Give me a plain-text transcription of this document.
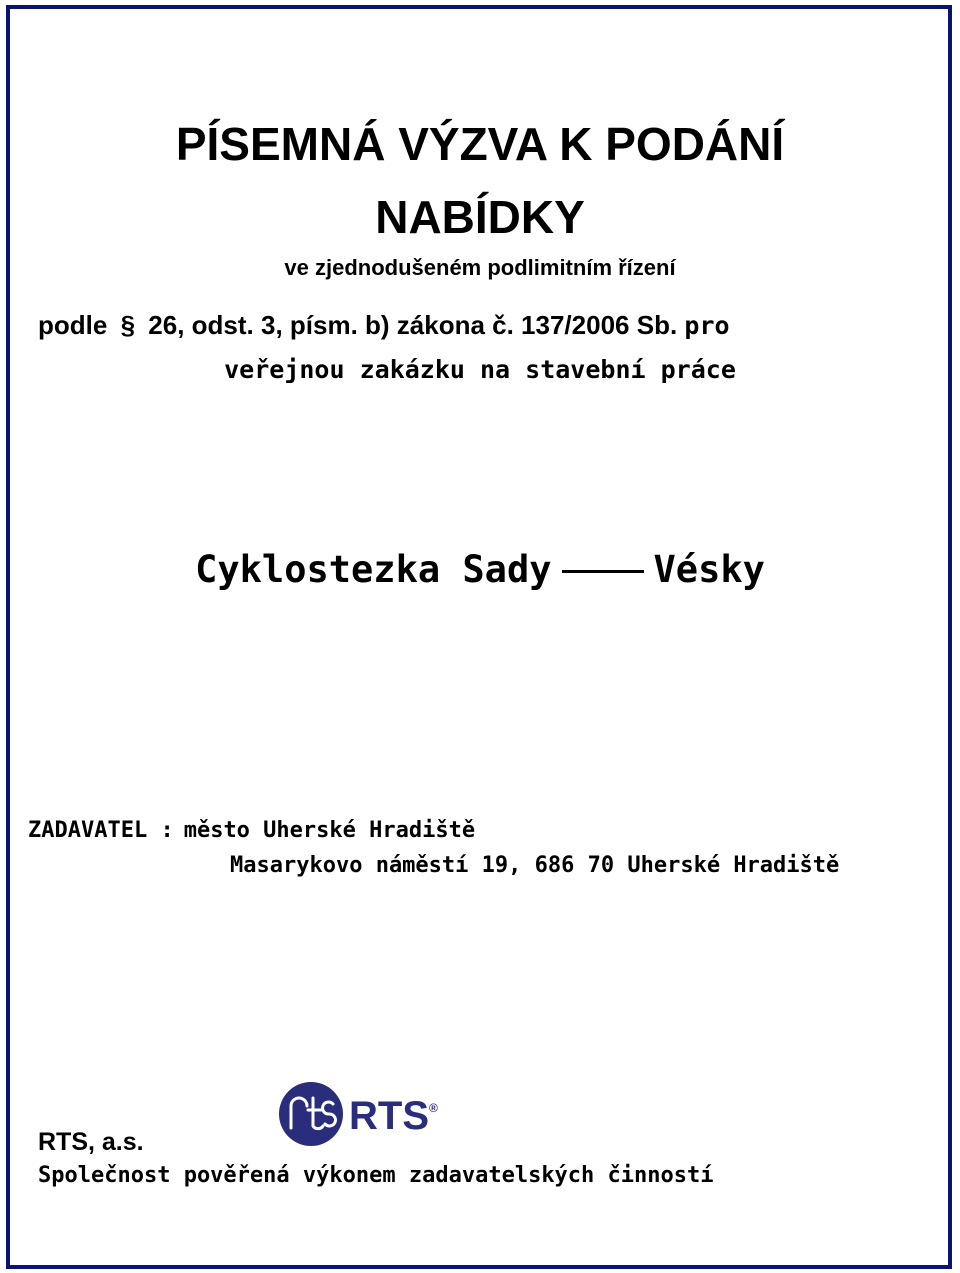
PÍSEMNÁ VÝZVA K PODÁNÍ
NABÍDKY
ve zjednodušeném podlimitním řízení
podle § 26, odst. 3, písm. b) zákona č. 137/2006 Sb. pro
veřejnou zakázku na stavební práce
Cyklostezka Sady	Vésky
ZADAVATEL : město Uherské Hradiště
Masarykovo náměstí 19, 686 70 Uherské Hradiště
RTS ®
RTS, a.s.
Společnost pověřená výkonem zadavatelských činností
